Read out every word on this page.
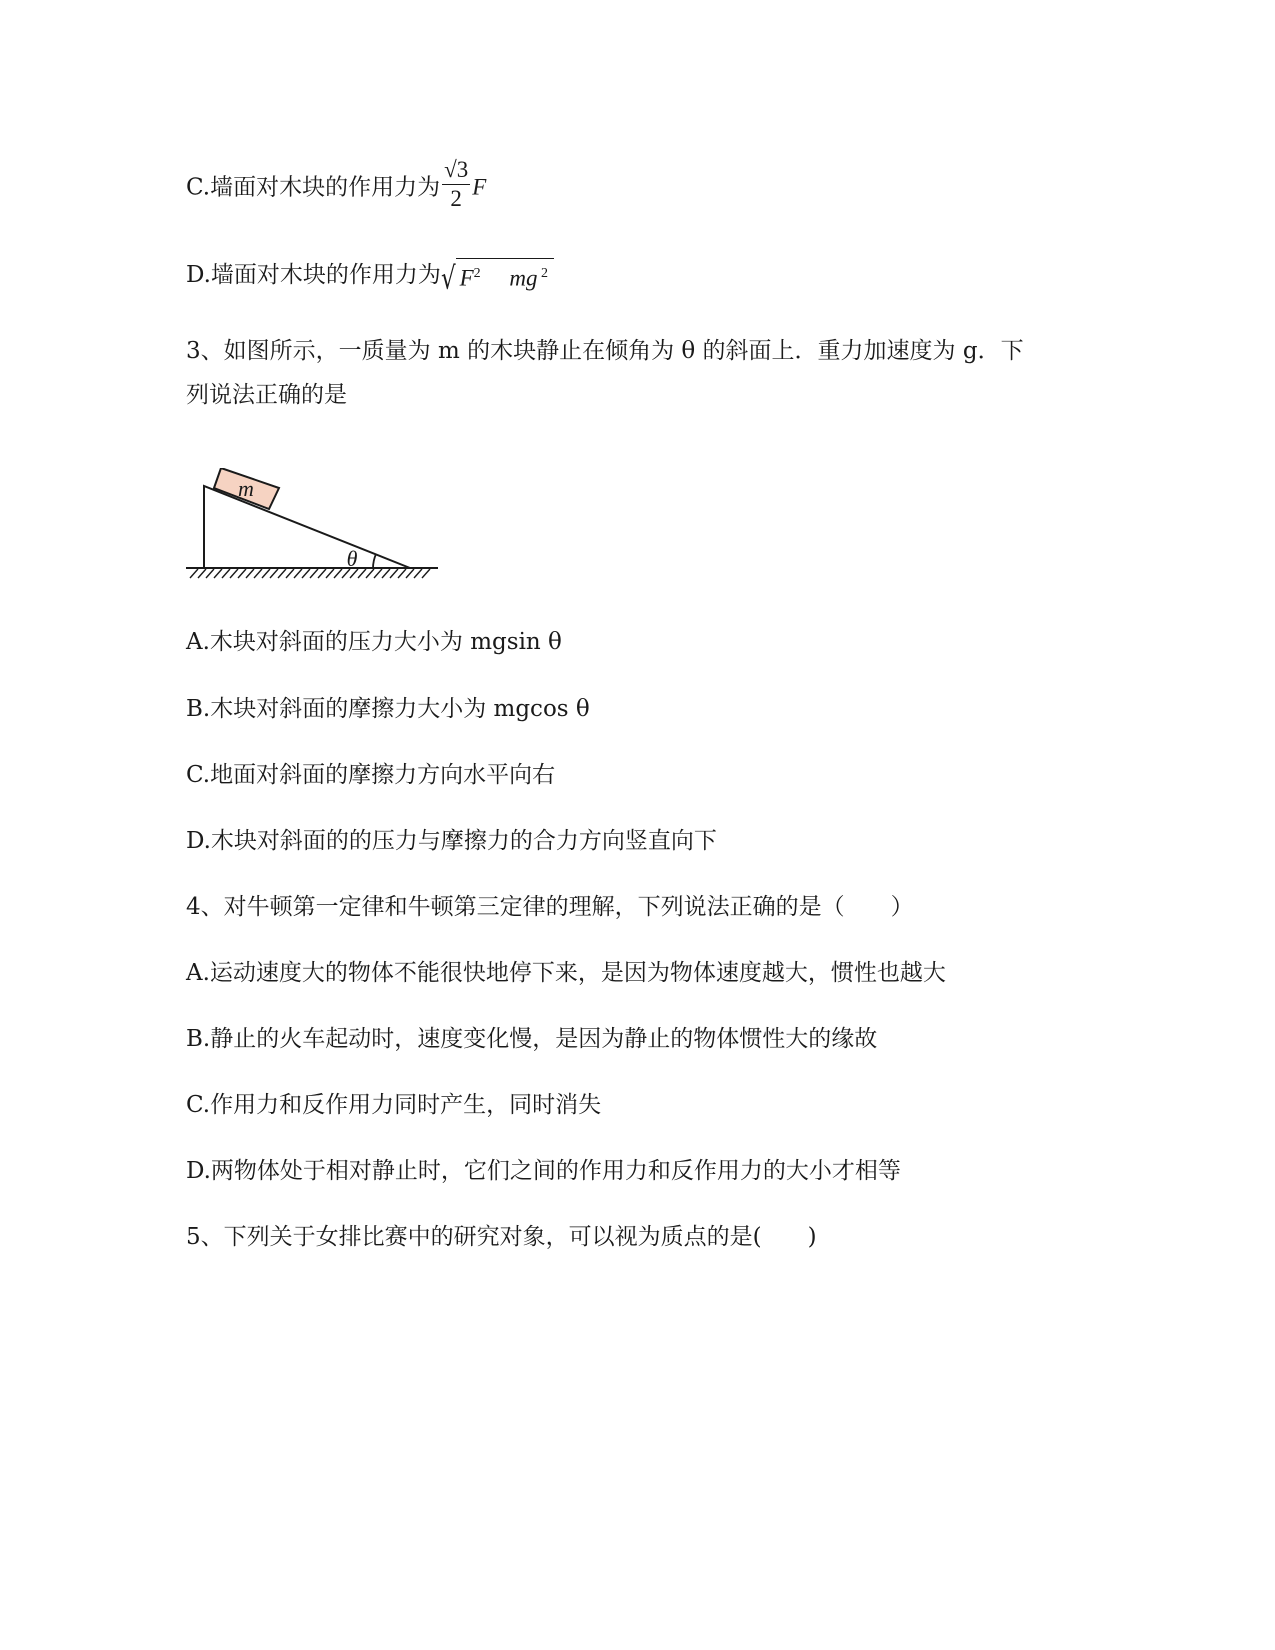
C.墙面对木块的作用力为 $\frac{√3}{2}$ F
D.墙面对木块的作用力为√ $F^2$ mg $^2$
3、如图所示，一质量为 m 的木块静止在倾角为 θ 的斜面上．重力加速度为 g．下
列说法正确的是
m
θ
A.木块对斜面的压力大小为 mgsin θ
B.木块对斜面的摩擦力大小为 mgcos θ
C.地面对斜面的摩擦力方向水平向右
D.木块对斜面的的压力与摩擦力的合力方向竖直向下
4、对牛顿第一定律和牛顿第三定律的理解，下列说法正确的是（　　）
A.运动速度大的物体不能很快地停下来，是因为物体速度越大，惯性也越大
B.静止的火车起动时，速度变化慢，是因为静止的物体惯性大的缘故
C.作用力和反作用力同时产生，同时消失
D.两物体处于相对静止时，它们之间的作用力和反作用力的大小才相等
5、下列关于女排比赛中的研究对象，可以视为质点的是(　　)
